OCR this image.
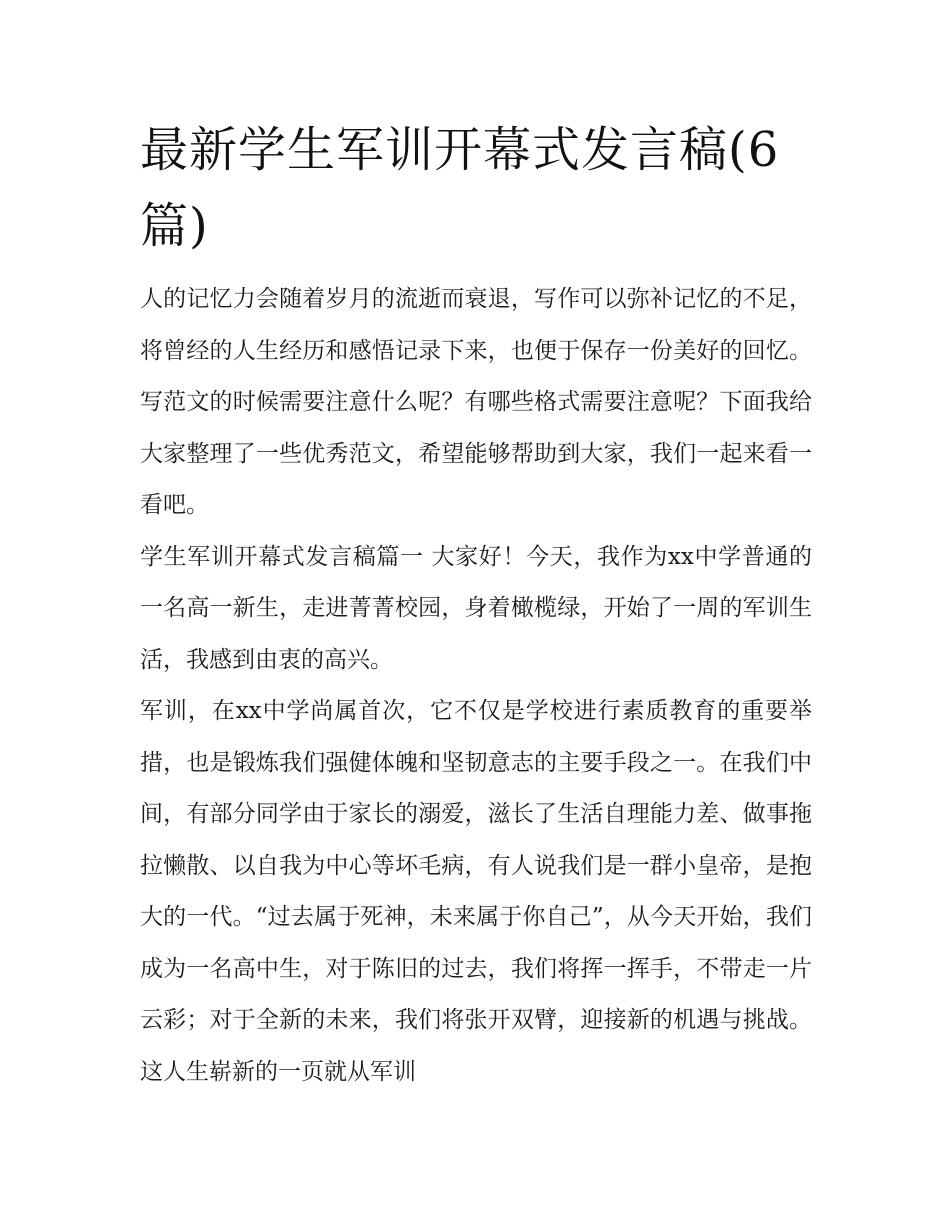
最新学生军训开幕式发言稿(6篇)

人的记忆力会随着岁月的流逝而衰退，写作可以弥补记忆的不足，将曾经的人生经历和感悟记录下来，也便于保存一份美好的回忆。写范文的时候需要注意什么呢？有哪些格式需要注意呢？下面我给大家整理了一些优秀范文，希望能够帮助到大家，我们一起来看一看吧。

学生军训开幕式发言稿篇一 大家好！今天，我作为xx中学普通的一名高一新生，走进菁菁校园，身着橄榄绿，开始了一周的军训生活，我感到由衷的高兴。

军训，在xx中学尚属首次，它不仅是学校进行素质教育的重要举措，也是锻炼我们强健体魄和坚韧意志的主要手段之一。在我们中间，有部分同学由于家长的溺爱，滋长了生活自理能力差、做事拖拉懒散、以自我为中心等坏毛病，有人说我们是一群小皇帝，是抱大的一代。“过去属于死神，未来属于你自己”，从今天开始，我们成为一名高中生，对于陈旧的过去，我们将挥一挥手，不带走一片云彩；对于全新的未来，我们将张开双臂，迎接新的机遇与挑战。这人生崭新的一页就从军训
